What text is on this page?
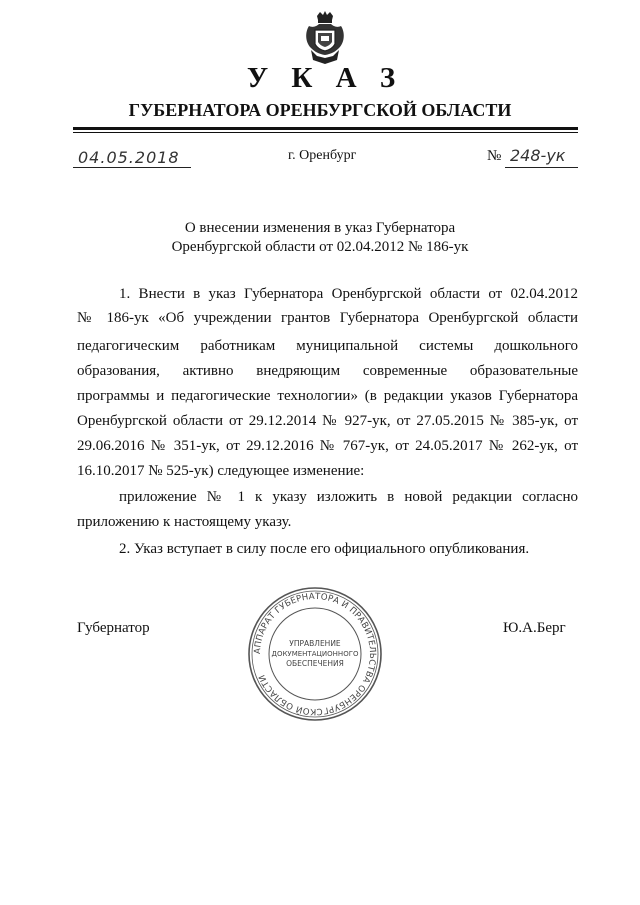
У К А З
ГУБЕРНАТОРА ОРЕНБУРГСКОЙ ОБЛАСТИ
04.05.2018	г. Оренбург	№ 248-ук
О внесении изменения в указ Губернатора
Оренбургской области от 02.04.2012 № 186-ук
1. Внести в указ Губернатора Оренбургской области от 02.04.2012
№ 186-ук «Об учреждении грантов Губернатора Оренбургской области
педагогическим работникам муниципальной системы дошкольного
образования, активно внедряющим современные образовательные
программы и педагогические технологии» (в редакции указов Губернатора
Оренбургской области от 29.12.2014 № 927-ук, от 27.05.2015 № 385-ук, от
29.06.2016 № 351-ук, от 29.12.2016 № 767-ук, от 24.05.2017 № 262-ук, от
16.10.2017 № 525-ук) следующее изменение:
приложение № 1 к указу изложить в новой редакции согласно
приложению к настоящему указу.
2. Указ вступает в силу после его официального опубликования.
Губернатор	Ю.А.Берг
АППАРАТ ГУБЕРНАТОРА И ПРАВИТЕЛЬСТВА ОРЕНБУРГСКОЙ ОБЛАСТИ
УПРАВЛЕНИЕ
ДОКУМЕНТАЦИОННОГО
ОБЕСПЕЧЕНИЯ
